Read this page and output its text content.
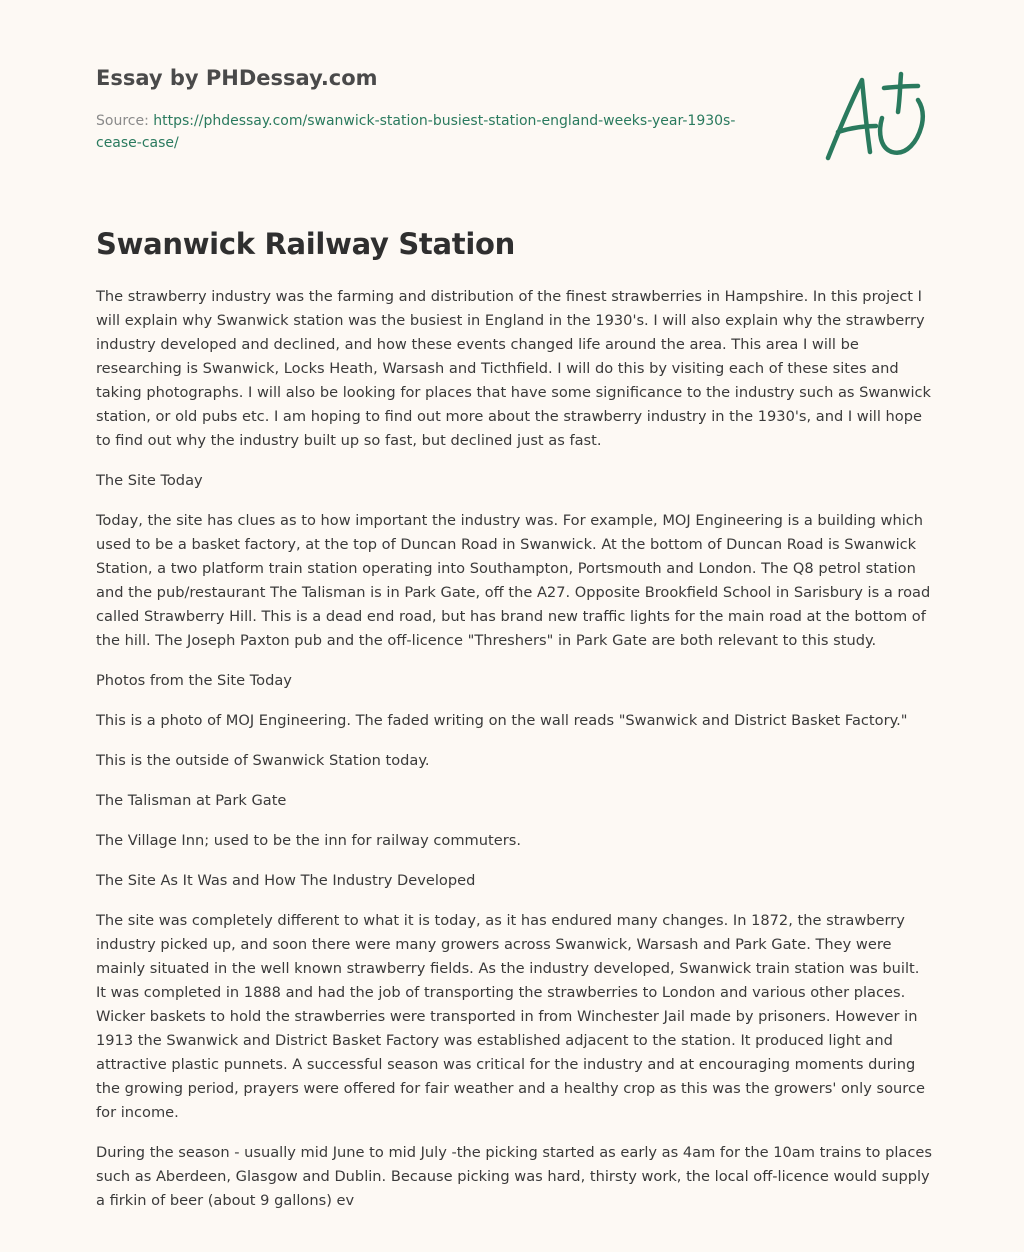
Essay by PHDessay.com
Source: https://phdessay.com/swanwick-station-busiest-station-england-weeks-year-1930s-cease-case/
Swanwick Railway Station

The strawberry industry was the farming and distribution of the finest strawberries in Hampshire. In this project I will explain why Swanwick station was the busiest in England in the 1930's. I will also explain why the strawberry industry developed and declined, and how these events changed life around the area. This area I will be researching is Swanwick, Locks Heath, Warsash and Ticthfield. I will do this by visiting each of these sites and taking photographs. I will also be looking for places that have some significance to the industry such as Swanwick station, or old pubs etc. I am hoping to find out more about the strawberry industry in the 1930's, and I will hope to find out why the industry built up so fast, but declined just as fast.

The Site Today

Today, the site has clues as to how important the industry was. For example, MOJ Engineering is a building which used to be a basket factory, at the top of Duncan Road in Swanwick. At the bottom of Duncan Road is Swanwick Station, a two platform train station operating into Southampton, Portsmouth and London. The Q8 petrol station and the pub/restaurant The Talisman is in Park Gate, off the A27. Opposite Brookfield School in Sarisbury is a road called Strawberry Hill. This is a dead end road, but has brand new traffic lights for the main road at the bottom of the hill. The Joseph Paxton pub and the off-licence "Threshers" in Park Gate are both relevant to this study.

Photos from the Site Today

This is a photo of MOJ Engineering. The faded writing on the wall reads "Swanwick and District Basket Factory."

This is the outside of Swanwick Station today.

The Talisman at Park Gate

The Village Inn; used to be the inn for railway commuters.

The Site As It Was and How The Industry Developed

The site was completely different to what it is today, as it has endured many changes. In 1872, the strawberry industry picked up, and soon there were many growers across Swanwick, Warsash and Park Gate. They were mainly situated in the well known strawberry fields. As the industry developed, Swanwick train station was built. It was completed in 1888 and had the job of transporting the strawberries to London and various other places. Wicker baskets to hold the strawberries were transported in from Winchester Jail made by prisoners. However in 1913 the Swanwick and District Basket Factory was established adjacent to the station. It produced light and attractive plastic punnets. A successful season was critical for the industry and at encouraging moments during the growing period, prayers were offered for fair weather and a healthy crop as this was the growers' only source for income.

During the season - usually mid June to mid July -the picking started as early as 4am for the 10am trains to places such as Aberdeen, Glasgow and Dublin. Because picking was hard, thirsty work, the local off-licence would supply a firkin of beer (about 9 gallons) ev
